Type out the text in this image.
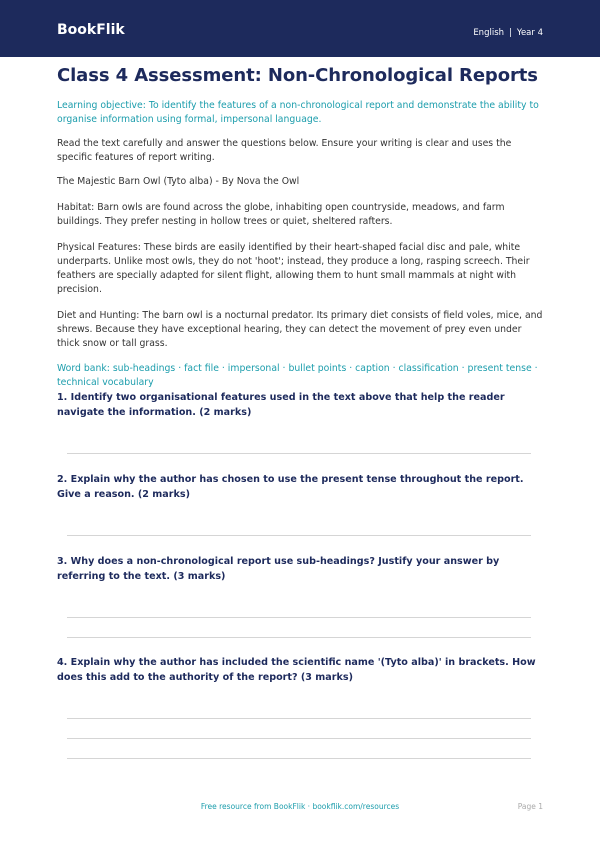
BookFlik	English | Year 4
Class 4 Assessment: Non-Chronological Reports

Learning objective: To identify the features of a non-chronological report and demonstrate the ability to organise information using formal, impersonal language.

Read the text carefully and answer the questions below. Ensure your writing is clear and uses the specific features of report writing.

The Majestic Barn Owl (Tyto alba) - By Nova the Owl

Habitat: Barn owls are found across the globe, inhabiting open countryside, meadows, and farm buildings. They prefer nesting in hollow trees or quiet, sheltered rafters.

Physical Features: These birds are easily identified by their heart-shaped facial disc and pale, white underparts. Unlike most owls, they do not 'hoot'; instead, they produce a long, rasping screech. Their feathers are specially adapted for silent flight, allowing them to hunt small mammals at night with precision.

Diet and Hunting: The barn owl is a nocturnal predator. Its primary diet consists of field voles, mice, and shrews. Because they have exceptional hearing, they can detect the movement of prey even under thick snow or tall grass.

Word bank: sub-headings · fact file · impersonal · bullet points · caption · classification · present tense · technical vocabulary

1. Identify two organisational features used in the text above that help the reader navigate the information. (2 marks)

2. Explain why the author has chosen to use the present tense throughout the report. Give a reason. (2 marks)

3. Why does a non-chronological report use sub-headings? Justify your answer by referring to the text. (3 marks)

4. Explain why the author has included the scientific name '(Tyto alba)' in brackets. How does this add to the authority of the report? (3 marks)

Free resource from BookFlik · bookflik.com/resources	Page 1
